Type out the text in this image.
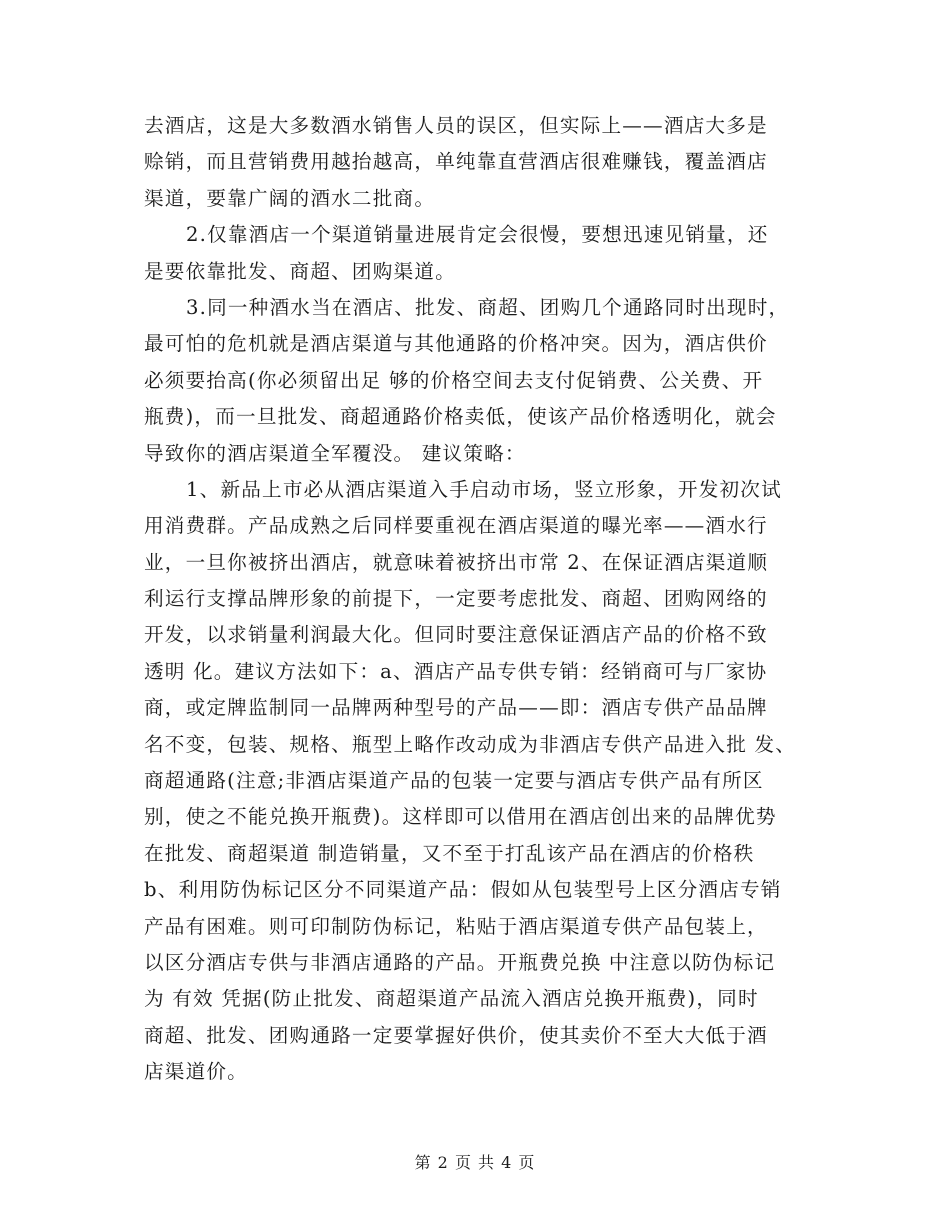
去酒店，这是大多数酒水销售人员的误区，但实际上——酒店大多是
赊销，而且营销费用越抬越高，单纯靠直营酒店很难赚钱，覆盖酒店
渠道，要靠广阔的酒水二批商。
2.仅靠酒店一个渠道销量进展肯定会很慢，要想迅速见销量，还
是要依靠批发、商超、团购渠道。
3.同一种酒水当在酒店、批发、商超、团购几个通路同时出现时，
最可怕的危机就是酒店渠道与其他通路的价格冲突。因为，酒店供价
必须要抬高(你必须留出足 够的价格空间去支付促销费、公关费、开
瓶费)，而一旦批发、商超通路价格卖低，使该产品价格透明化，就会
导致你的酒店渠道全军覆没。 建议策略：
1、新品上市必从酒店渠道入手启动市场，竖立形象，开发初次试
用消费群。产品成熟之后同样要重视在酒店渠道的曝光率——酒水行
业，一旦你被挤出酒店，就意味着被挤出市常 2、在保证酒店渠道顺
利运行支撑品牌形象的前提下，一定要考虑批发、商超、团购网络的
开发，以求销量利润最大化。但同时要注意保证酒店产品的价格不致
透明 化。建议方法如下：a、酒店产品专供专销：经销商可与厂家协
商，或定牌监制同一品牌两种型号的产品——即：酒店专供产品品牌
名不变，包装、规格、瓶型上略作改动成为非酒店专供产品进入批 发、
商超通路(注意;非酒店渠道产品的包装一定要与酒店专供产品有所区
别，使之不能兑换开瓶费)。这样即可以借用在酒店创出来的品牌优势
在批发、商超渠道 制造销量，又不至于打乱该产品在酒店的价格秩
b、利用防伪标记区分不同渠道产品：假如从包装型号上区分酒店专销
产品有困难。则可印制防伪标记，粘贴于酒店渠道专供产品包装上，
以区分酒店专供与非酒店通路的产品。开瓶费兑换 中注意以防伪标记
为 有效 凭据(防止批发、商超渠道产品流入酒店兑换开瓶费)，同时
商超、批发、团购通路一定要掌握好供价，使其卖价不至大大低于酒
店渠道价。
第 2 页 共 4 页
